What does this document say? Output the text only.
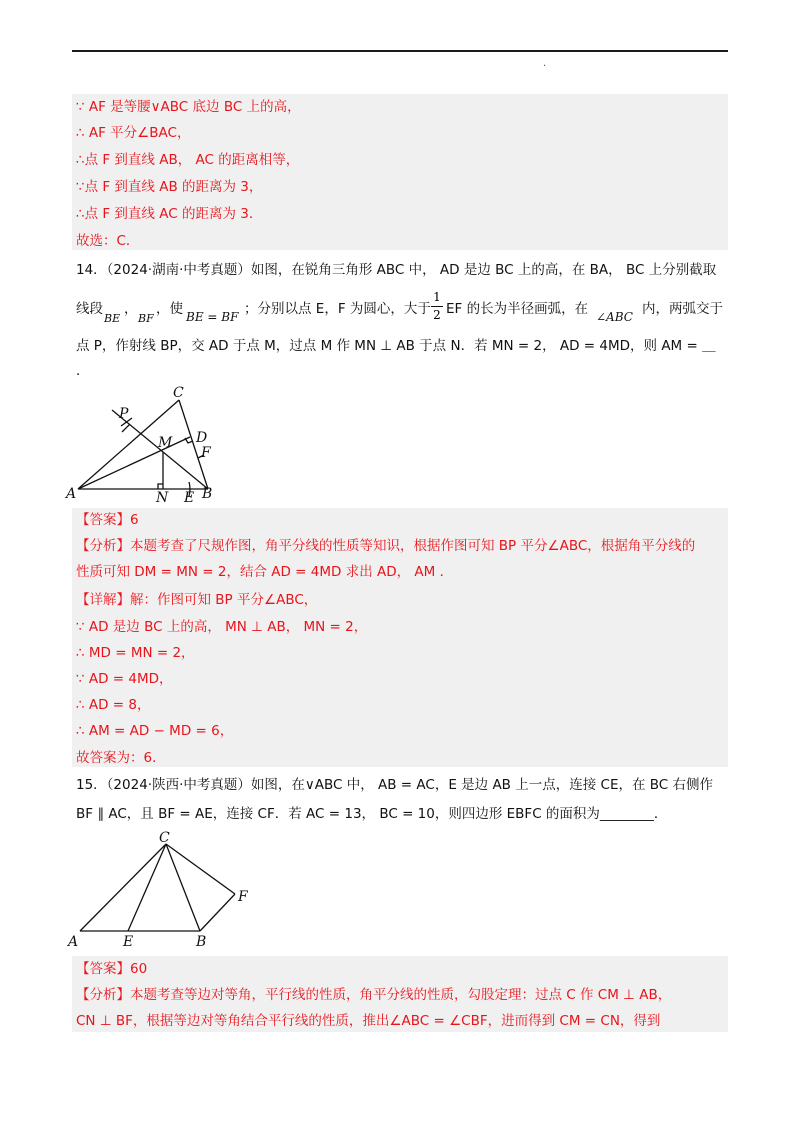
.
∵ AF 是等腰∨ABC 底边 BC 上的高，
∴ AF 平分∠BAC，
∴点 F 到直线 AB， AC 的距离相等，
∵点 F 到直线 AB 的距离为 3，
∴点 F 到直线 AC 的距离为 3．
故选：C．
14．（2024·湖南·中考真题）如图，在锐角三角形 ABC 中， AD 是边 BC 上的高，在 BA， BC 上分别截取
线段
BE
，
BF
，使 BE = BF ；分别以点 E，F 为圆心，大于
1
2 EF 的长为半径画弧，在 ∠ABC 内，两弧交于
点 P，作射线 BP，交 AD 于点 M，过点 M 作 MN ⊥ AB 于点 N．若 MN = 2， AD = 4MD，则 AM = ＿
．
A	B
C
D
E
F
M
N
P
【答案】6
【分析】本题考查了尺规作图，角平分线的性质等知识，根据作图可知 BP 平分∠ABC，根据角平分线的
性质可知 DM = MN = 2，结合 AD = 4MD 求出 AD， AM ．
【详解】解：作图可知 BP 平分∠ABC，
∵ AD 是边 BC 上的高， MN ⊥ AB， MN = 2，
∴ MD = MN = 2，
∵ AD = 4MD，
∴ AD = 8，
∴ AM = AD − MD = 6，
故答案为：6．
15．（2024·陕西·中考真题）如图，在∨ABC 中， AB = AC，E 是边 AB 上一点，连接 CE，在 BC 右侧作
BF ∥ AC，且 BF = AE，连接 CF．若 AC = 13， BC = 10，则四边形 EBFC 的面积为________．
A	B
C
E
F
【答案】60
【分析】本题考查等边对等角，平行线的性质，角平分线的性质，勾股定理：过点 C 作 CM ⊥ AB，
CN ⊥ BF，根据等边对等角结合平行线的性质，推出∠ABC = ∠CBF，进而得到 CM = CN，得到
